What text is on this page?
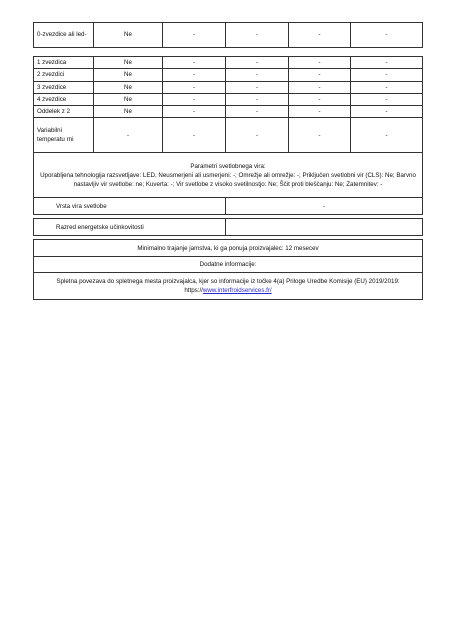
0-zvezdice ali led-	Ne	-	-	-	-

1 zvezdica	Ne	-	-	-	-
2 zvezdici	Ne	-	-	-	-
3 zvezdice	Ne	-	-	-	-
4 zvezdice	Ne	-	-	-	-
Oddelek z 2	Ne	-	-	-	-
Variabilni temperatu rni	-	-	-	-	-

Parametri svetlobnega vira:
Uporabljena tehnologija razsvetljave: LED, Neusmerjeni ali usmerjeni: -; Omrežje ali omrežje: -; Priključen svetlobni vir (CLS): Ne; Barvno nastavljiv vir svetlobe: ne; Kuverta: -; Vir svetlobe z visoko svetilnostjo: Ne; Ščit proti bleščanju: Ne; Zatemnitev: -					

Vrsta vira svetlobe			-		

Razred energetske učinkovitosti					

Minimalno trajanje jamstva, ki ga ponuja proizvajalec: 12 mesecev					
Dodatne informacije:					
Spletna povezava do spletnega mesta proizvajalca, kjer so informacije iz točke 4(a) Priloge Uredbe Komisije (EU) 2019/2019: https://www.interfroidservices.fr/					
